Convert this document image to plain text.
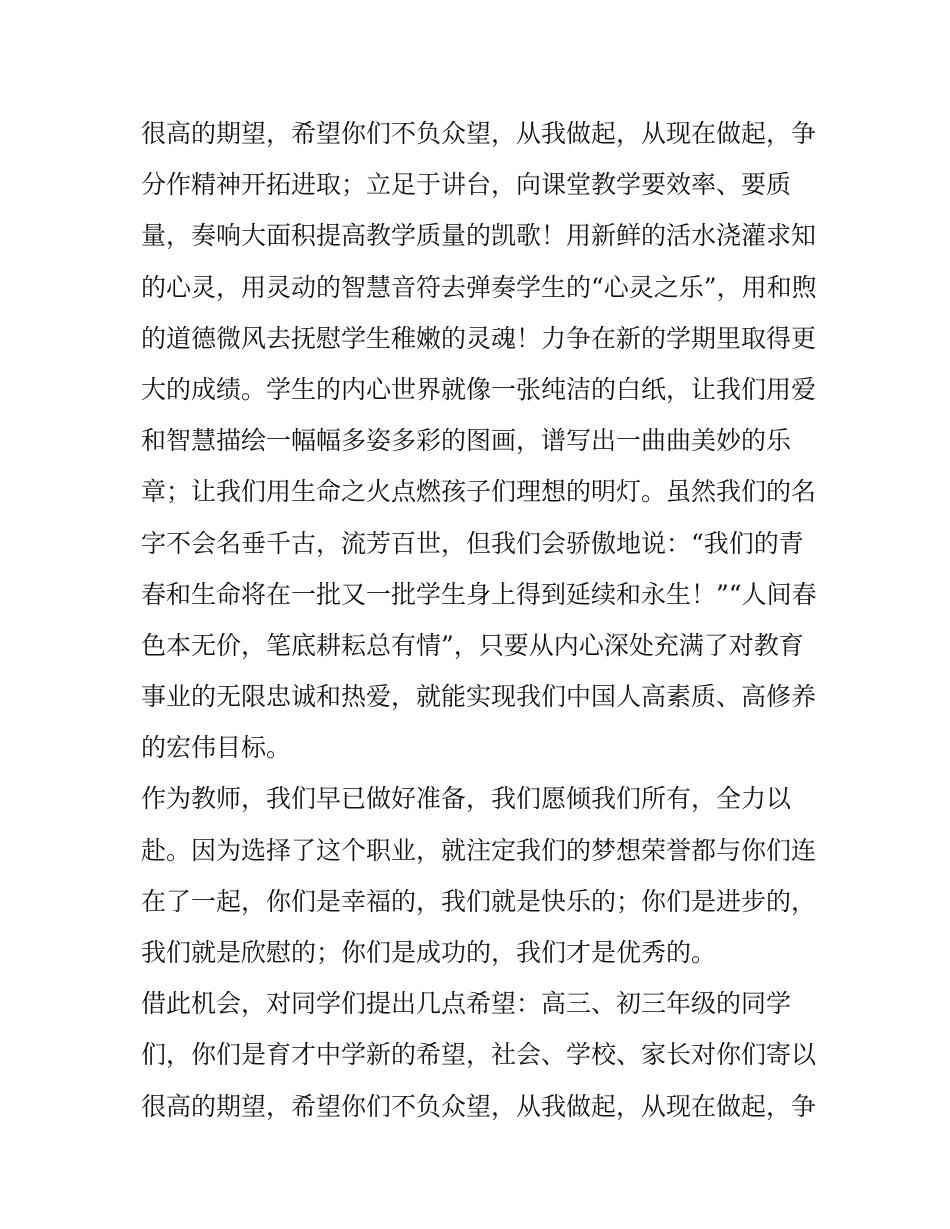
很高的期望，希望你们不负众望，从我做起，从现在做起，争
分作精神开拓进取；立足于讲台，向课堂教学要效率、要质
量，奏响大面积提高教学质量的凯歌！用新鲜的活水浇灌求知
的心灵，用灵动的智慧音符去弹奏学生的“心灵之乐”，用和煦
的道德微风去抚慰学生稚嫩的灵魂！力争在新的学期里取得更
大的成绩。学生的内心世界就像一张纯洁的白纸，让我们用爱
和智慧描绘一幅幅多姿多彩的图画，谱写出一曲曲美妙的乐
章；让我们用生命之火点燃孩子们理想的明灯。虽然我们的名
字不会名垂千古，流芳百世，但我们会骄傲地说：“我们的青
春和生命将在一批又一批学生身上得到延续和永生！”“人间春
色本无价，笔底耕耘总有情”，只要从内心深处充满了对教育
事业的无限忠诚和热爱，就能实现我们中国人高素质、高修养
的宏伟目标。
作为教师，我们早已做好准备，我们愿倾我们所有，全力以
赴。因为选择了这个职业，就注定我们的梦想荣誉都与你们连
在了一起，你们是幸福的，我们就是快乐的；你们是进步的，
我们就是欣慰的；你们是成功的，我们才是优秀的。
借此机会，对同学们提出几点希望：高三、初三年级的同学
们，你们是育才中学新的希望，社会、学校、家长对你们寄以
很高的期望，希望你们不负众望，从我做起，从现在做起，争
